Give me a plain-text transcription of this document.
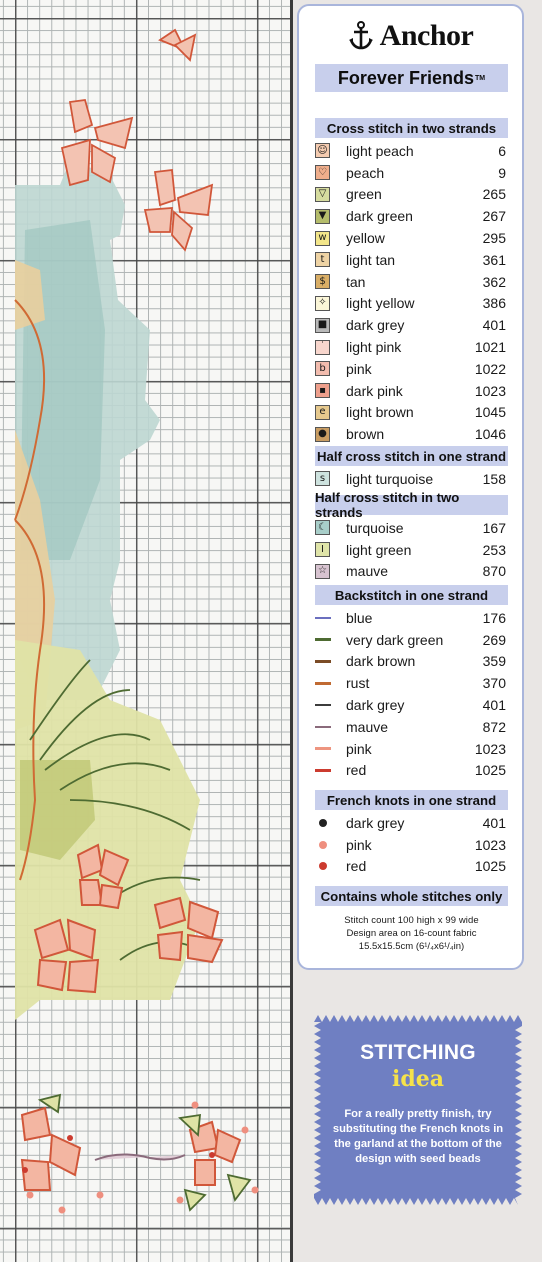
Anchor
Forever Friends TM
Cross stitch in two strands
☺ light peach	6
♡ peach	9
▽ green	265
▼ dark green	267
w yellow	295
t	light tan	361
$	tan	362
✧ light yellow	386
■ dark grey	401
˙	light pink	1021
b	pink	1022
▪ dark pink	1023
e	light brown	1045
● brown	1046
Half cross stitch in one strand
s	light turquoise	158
Half cross stitch in two strands
☾ turquoise	167
I	light green	253
☆ mauve	870
Backstitch in one strand
blue	176
very dark green	269
dark brown	359
rust	370
dark grey	401
mauve	872
pink	1023
red	1025
French knots in one strand
dark grey	401
pink	1023
red	1025
Contains whole stitches only
Stitch count 100 high x 99 wide
Design area on 16-count fabric
15.5x15.5cm (6¹/₄x6¹/₄in)
STITCHING
idea
For a really pretty finish, try substituting the French knots in the garland at the bottom of the design with seed beads
